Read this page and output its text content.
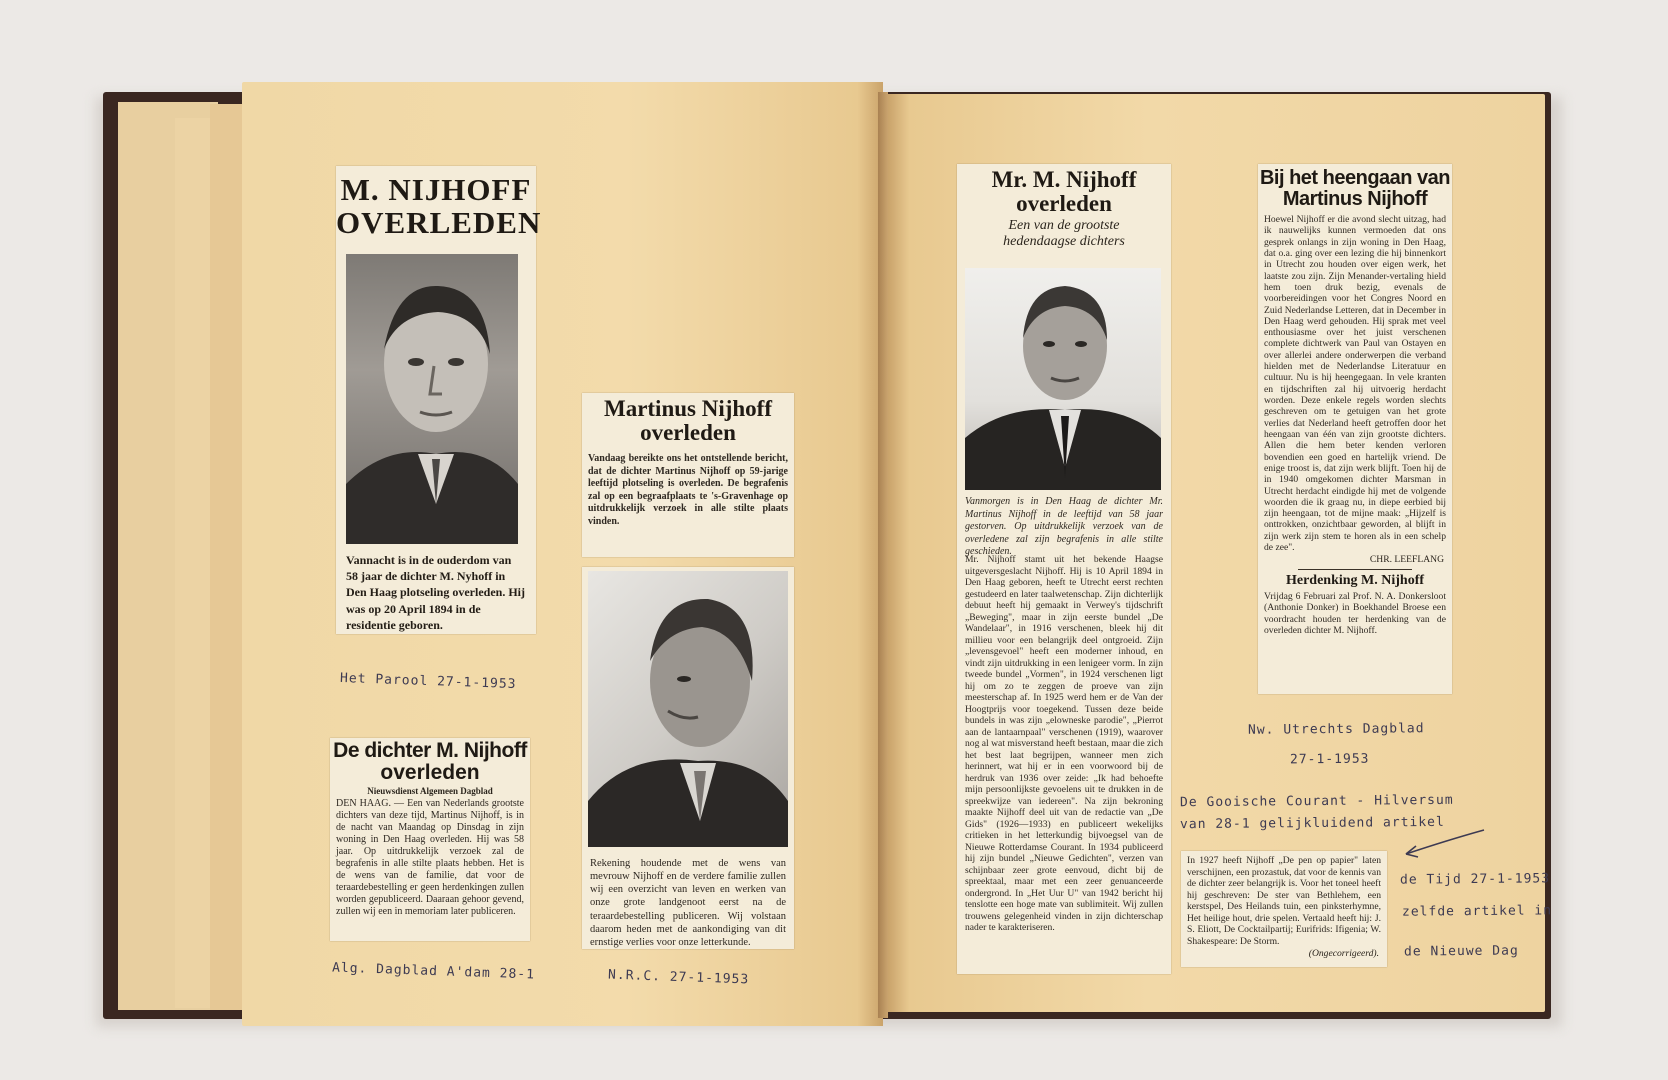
M. NIJHOFF

OVERLEDEN

Vannacht is in de ouderdom van 58 jaar de dichter M. Nyhoff in Den Haag plotseling overleden. Hij was op 20 April 1894 in de residentie geboren.

Martinus Nijhoff

overleden

Vandaag bereikte ons het ontstellende bericht, dat de dichter Martinus Nijhoff op 59-jarige leeftijd plotseling is overleden. De begrafenis zal op een begraafplaats te 's-Gravenhage op uitdrukkelijk verzoek in alle stilte plaats vinden.

Rekening houdende met de wens van mevrouw Nijhoff en de verdere familie zullen wij een overzicht van leven en werken van onze grote landgenoot eerst na de teraardebestelling publiceren. Wij volstaan daarom heden met de aankondiging van dit ernstige verlies voor onze letterkunde.

De dichter M. Nijhoff

overleden

Nieuwsdienst Algemeen Dagblad

DEN HAAG. — Een van Nederlands grootste dichters van deze tijd, Martinus Nijhoff, is in de nacht van Maandag op Dinsdag in zijn woning in Den Haag overleden. Hij was 58 jaar. Op uitdrukkelijk verzoek zal de begrafenis in alle stilte plaats hebben. Het is de wens van de familie, dat voor de teraardebestelling er geen herdenkingen zullen worden gepubliceerd. Daaraan gehoor gevend, zullen wij een in memoriam later publiceren.

Mr. M. Nijhoff

overleden

Een van de grootste hedendaagse dichters

Vanmorgen is in Den Haag de dichter Mr. Martinus Nijhoff in de leeftijd van 58 jaar gestorven. Op uitdrukkelijk verzoek van de overledene zal zijn begrafenis in alle stilte geschieden.

Mr. Nijhoff stamt uit het bekende Haagse uitgeversgeslacht Nijhoff. Hij is 10 April 1894 in Den Haag geboren, heeft te Utrecht eerst rechten gestudeerd en later taalwetenschap. Zijn dichterlijk debuut heeft hij gemaakt in Verwey's tijdschrift „Beweging", maar in zijn eerste bundel „De Wandelaar", in 1916 verschenen, bleek hij dit millieu voor een belangrijk deel ontgroeid. Zijn „levensgevoel" heeft een moderner inhoud, en vindt zijn uitdrukking in een lenigeer vorm. In zijn tweede bundel „Vormen", in 1924 verschenen ligt hij om zo te zeggen de proeve van zijn meesterschap af. In 1925 werd hem er de Van der Hoogtprijs voor toegekend. Tussen deze beide bundels in was zijn „elowneske parodie", „Pierrot aan de lantaarnpaal" verschenen (1919), waarover nog al wat misverstand heeft bestaan, maar die zich het best laat begrijpen, wanneer men zich herinnert, wat hij er in een voorwoord bij de herdruk van 1936 over zeide: „Ik had behoefte mijn persoonlijkste gevoelens uit te drukken in de spreekwijze van iedereen". Na zijn bekroning maakte Nijhoff deel uit van de redactie van „De Gids" (1926—1933) en publiceert wekelijks critieken in het letterkundig bijvoegsel van de Nieuwe Rotterdamse Courant. In 1934 publiceerd hij zijn bundel „Nieuwe Gedichten", verzen van schijnbaar zeer grote eenvoud, dicht bij de spreektaal, maar met een zeer genuanceerde ondergrond. In „Het Uur U" van 1942 bericht hij tenslotte een hoge mate van sublimiteit. Wij zullen trouwens gelegenheid vinden in zijn dichterschap nader te karakteriseren.

Bij het heengaan van

Martinus Nijhoff

Hoewel Nijhoff er die avond slecht uitzag, had ik nauwelijks kunnen vermoeden dat ons gesprek onlangs in zijn woning in Den Haag, dat o.a. ging over een lezing die hij binnenkort in Utrecht zou houden over eigen werk, het laatste zou zijn. Zijn Menander-vertaling hield hem toen druk bezig, evenals de voorbereidingen voor het Congres Noord en Zuid Nederlandse Letteren, dat in December in Den Haag werd gehouden. Hij sprak met veel enthousiasme over het juist verschenen complete dichtwerk van Paul van Ostayen en over allerlei andere onderwerpen die verband hielden met de Nederlandse Literatuur en cultuur. Nu is hij heengegaan. In vele kranten en tijdschriften zal hij uitvoerig herdacht worden. Deze enkele regels worden slechts geschreven om te getuigen van het grote verlies dat Nederland heeft getroffen door het heengaan van één van zijn grootste dichters. Allen die hem beter kenden verloren bovendien een goed en hartelijk vriend. De enige troost is, dat zijn werk blijft. Toen hij de in 1940 omgekomen dichter Marsman in Utrecht herdacht eindigde hij met de volgende woorden die ik graag nu, in diepe eerbied bij zijn heengaan, tot de mijne maak: „Hijzelf is onttrokken, onzichtbaar geworden, al blijft in zijn werk zijn stem te horen als in een schelp de zee".

CHR. LEEFLANG

Herdenking M. Nijhoff

Vrijdag 6 Februari zal Prof. N. A. Donkersloot (Anthonie Donker) in Boekhandel Broese een voordracht houden ter herdenking van de overleden dichter M. Nijhoff.

In 1927 heeft Nijhoff „De pen op papier" laten verschijnen, een prozastuk, dat voor de kennis van de dichter zeer belangrijk is. Voor het toneel heeft hij geschreven: De ster van Bethlehem, een kerstspel, Des Heilands tuin, een pinksterhymne, Het heilige hout, drie spelen. Vertaald heeft hij: J. S. Eliott, De Cocktailpartij; Eurifrids: Ifigenia; W. Shakespeare: De Storm.

(Ongecorrigeerd).

Het Parool 27-1-1953
Alg. Dagblad A'dam 28-1	N.R.C. 27-1-1953
Nw. Utrechts Dagblad
27-1-1953
De Gooische Courant - Hilversum
van 28-1 gelijkluidend artikel
de Tijd 27-1-1953
zelfde artikel in
de Nieuwe Dag
